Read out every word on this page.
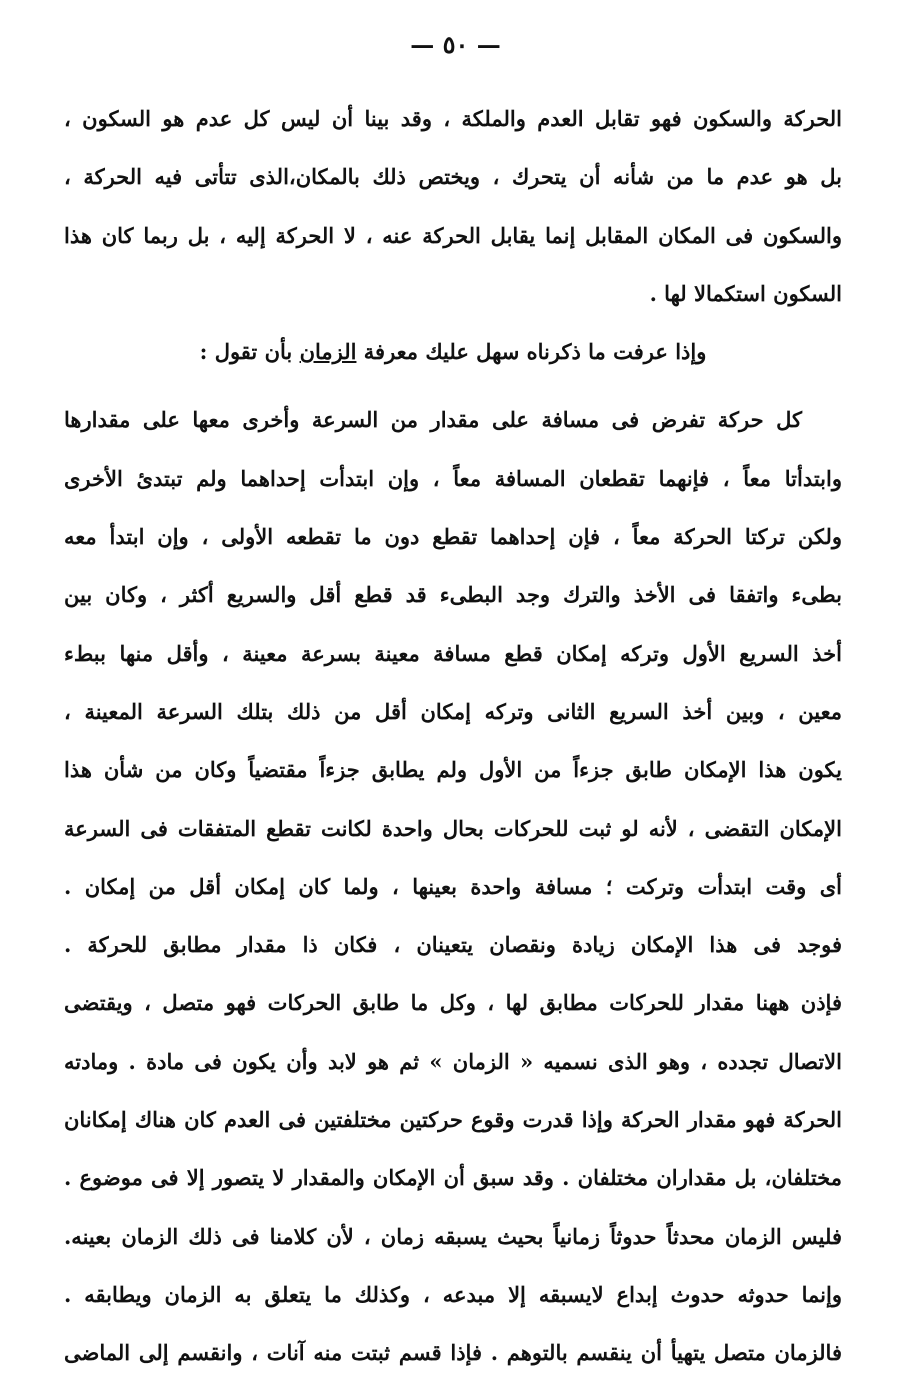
— ٥٠ —
الحركة والسكون فهو تقابل العدم والملكة ، وقد بينا أن ليس كل عدم هو السكون ،
بل هو عدم ما من شأنه أن يتحرك ، ويختص ذلك بالمكان،الذى تتأتى فيه الحركة ،
والسكون فى المكان المقابل إنما يقابل الحركة عنه ، لا الحركة إليه ، بل ربما كان هذا
السكون استكمالا لها .
وإذا عرفت ما ذكرناه سهل عليك معرفة الزمان بأن تقول :
كل حركة تفرض فى مسافة على مقدار من السرعة وأخرى معها على مقدارها
وابتدأتا معاً ، فإنهما تقطعان المسافة معاً ، وإن ابتدأت إحداهما ولم تبتدئ الأخرى
ولكن تركتا الحركة معاً ، فإن إحداهما تقطع دون ما تقطعه الأولى ، وإن ابتدأ معه
بطىء واتفقا فى الأخذ والترك وجد البطىء قد قطع أقل والسريع أكثر ، وكان بين
أخذ السريع الأول وتركه إمكان قطع مسافة معينة بسرعة معينة ، وأقل منها ببطء
معين ، وبين أخذ السريع الثانى وتركه إمكان أقل من ذلك بتلك السرعة المعينة ،
يكون هذا الإمكان طابق جزءاً من الأول ولم يطابق جزءاً مقتضياً وكان من شأن هذا
الإمكان التقضى ، لأنه لو ثبت للحركات بحال واحدة لكانت تقطع المتفقات فى السرعة
أى وقت ابتدأت وتركت ؛ مسافة واحدة بعينها ، ولما كان إمكان أقل من إمكان .
فوجد فى هذا الإمكان زيادة ونقصان يتعينان ، فكان ذا مقدار مطابق للحركة .
فإذن ههنا مقدار للحركات مطابق لها ، وكل ما طابق الحركات فهو متصل ، ويقتضى
الاتصال تجدده ، وهو الذى نسميه « الزمان » ثم هو لابد وأن يكون فى مادة . ومادته
الحركة فهو مقدار الحركة وإذا قدرت وقوع حركتين مختلفتين فى العدم كان هناك إمكانان
مختلفان، بل مقداران مختلفان . وقد سبق أن الإمكان والمقدار لا يتصور إلا فى موضوع .
فليس الزمان محدثاً حدوثاً زمانياً بحيث يسبقه زمان ، لأن كلامنا فى ذلك الزمان بعينه.
وإنما حدوثه حدوث إبداع لايسبقه إلا مبدعه ، وكذلك ما يتعلق به الزمان ويطابقه .
فالزمان متصل يتهيأ أن ينقسم بالتوهم . فإذا قسم ثبتت منه آنات ، وانقسم إلى الماضى
